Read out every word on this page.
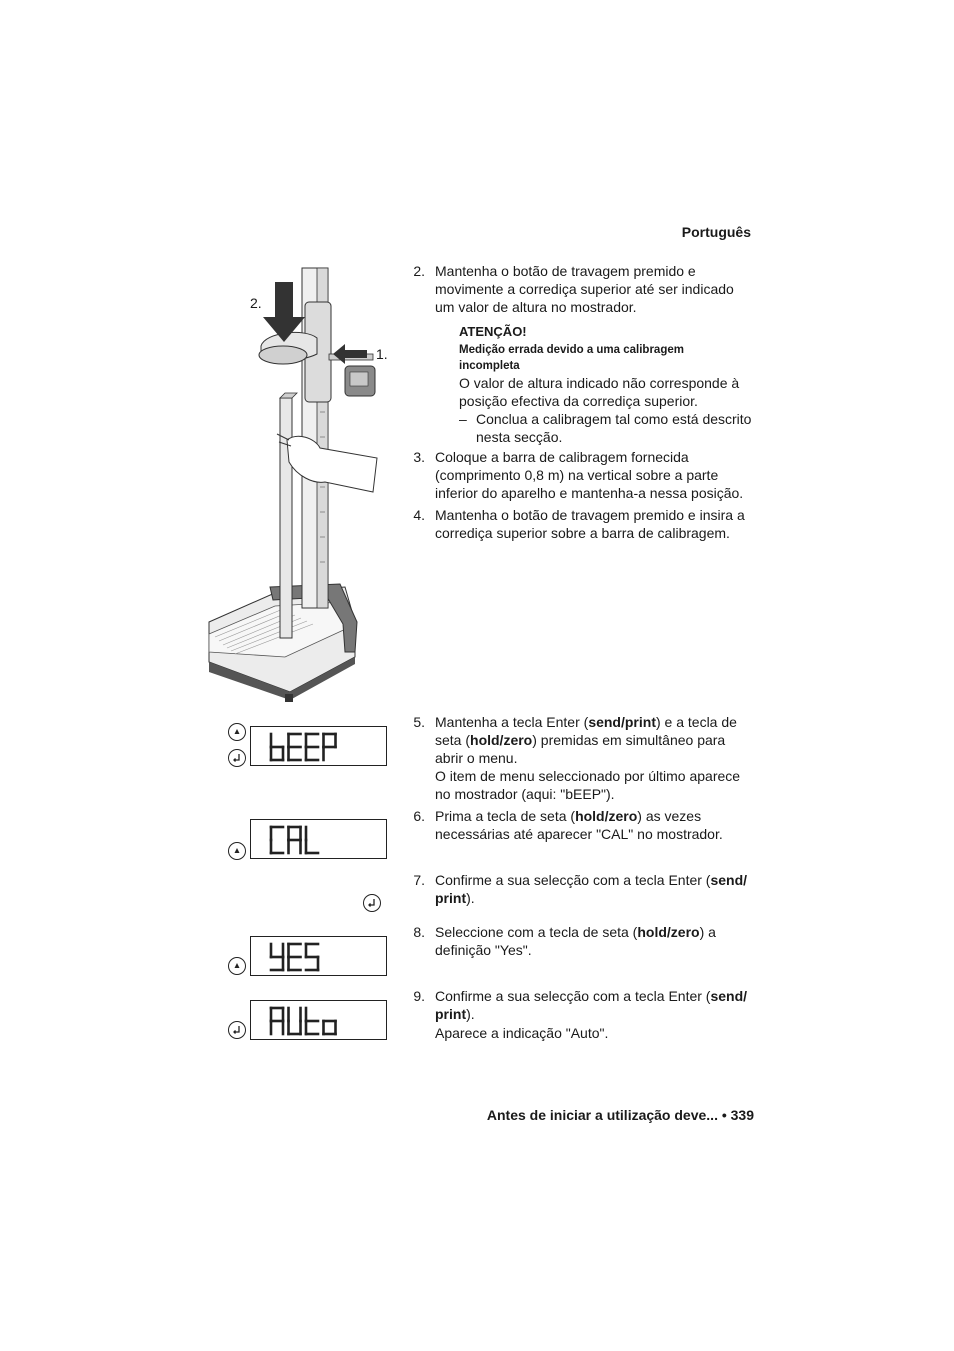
Português
2.
1.
2. Mantenha o botão de travagem premido e movimente a corrediça superior até ser indicado um valor de altura no mostrador.
ATENÇÃO!
Medição errada devido a uma calibragem incompleta
O valor de altura indicado não corresponde à posição efectiva da corrediça superior.
– Conclua a calibragem tal como está descrito nesta secção.
3. Coloque a barra de calibragem fornecida (comprimento 0,8 m) na vertical sobre a parte inferior do aparelho e mantenha-a nessa posição.
4. Mantenha o botão de travagem premido e insira a corrediça superior sobre a barra de calibragem.
5. Mantenha a tecla Enter (send/print) e a tecla de seta (hold/zero) premidas em simultâneo para abrir o menu.
O item de menu seleccionado por último aparece no mostrador (aqui: "bEEP").
6. Prima a tecla de seta (hold/zero) as vezes necessárias até aparecer "CAL" no mostrador.
7. Confirme a sua selecção com a tecla Enter (send/ print).
8. Seleccione com a tecla de seta (hold/zero) a definição "Yes".
9. Confirme a sua selecção com a tecla Enter (send/ print).
Aparece a indicação "Auto".
Antes de iniciar a utilização deve... • 339
